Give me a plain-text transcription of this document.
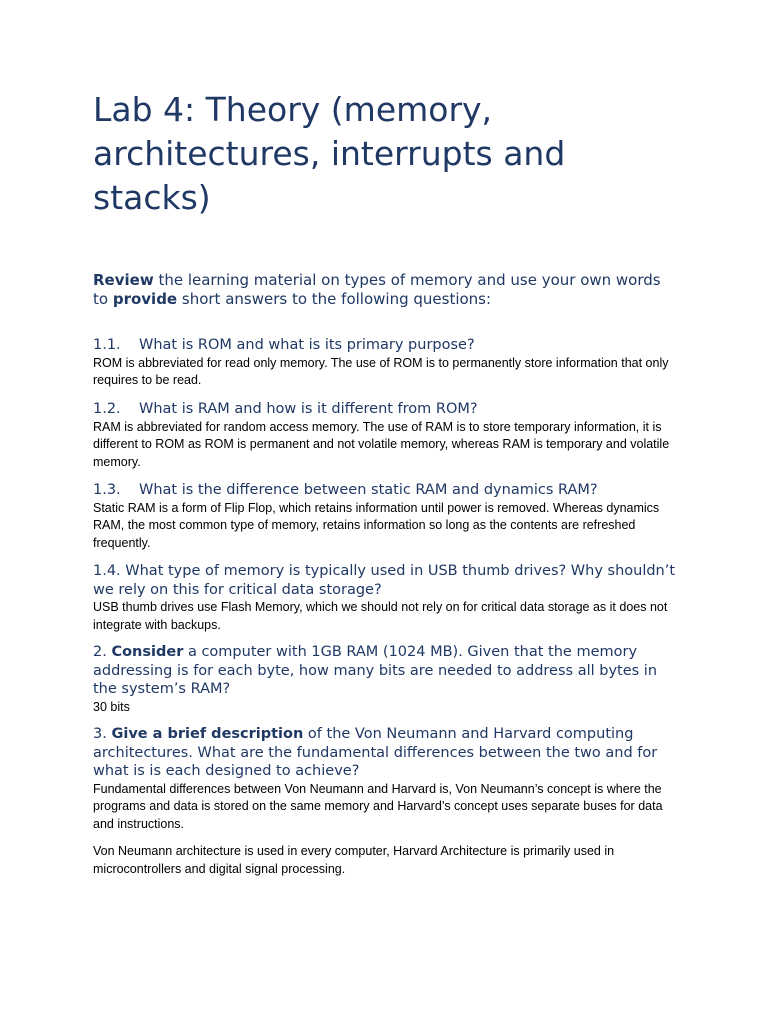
Lab 4: Theory (memory, architectures, interrupts and stacks)

Review the learning material on types of memory and use your own words to provide short answers to the following questions:

1.1. What is ROM and what is its primary purpose?

ROM is abbreviated for read only memory. The use of ROM is to permanently store information that only requires to be read.

1.2. What is RAM and how is it different from ROM?

RAM is abbreviated for random access memory. The use of RAM is to store temporary information, it is different to ROM as ROM is permanent and not volatile memory, whereas RAM is temporary and volatile memory.

1.3. What is the difference between static RAM and dynamics RAM?

Static RAM is a form of Flip Flop, which retains information until power is removed. Whereas dynamics RAM, the most common type of memory, retains information so long as the contents are refreshed frequently.

1.4. What type of memory is typically used in USB thumb drives? Why shouldn’t we rely on this for critical data storage?

USB thumb drives use Flash Memory, which we should not rely on for critical data storage as it does not integrate with backups.

2. Consider a computer with 1GB RAM (1024 MB). Given that the memory addressing is for each byte, how many bits are needed to address all bytes in the system’s RAM?

30 bits

3. Give a brief description of the Von Neumann and Harvard computing architectures. What are the fundamental differences between the two and for what is is each designed to achieve?

Fundamental differences between Von Neumann and Harvard is, Von Neumann’s concept is where the programs and data is stored on the same memory and Harvard’s concept uses separate buses for data and instructions.

Von Neumann architecture is used in every computer, Harvard Architecture is primarily used in microcontrollers and digital signal processing.
